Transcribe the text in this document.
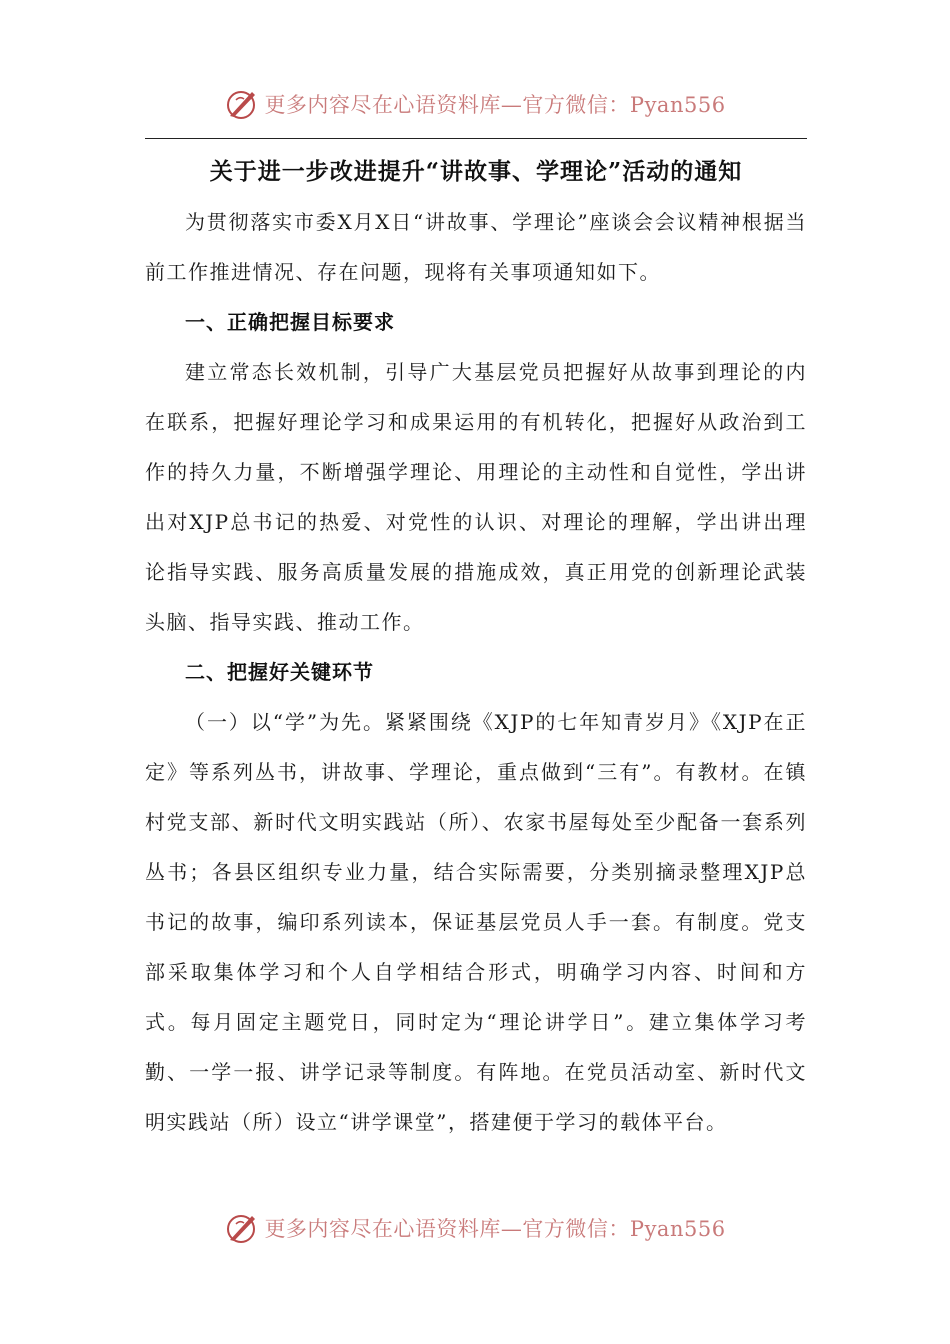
更多内容尽在心语资料库—官方微信：Pyan556
关于进一步改进提升“讲故事、学理论”活动的通知

为贯彻落实市委X月X日“讲故事、学理论”座谈会会议精神根据当前工作推进情况、存在问题，现将有关事项通知如下。

一、正确把握目标要求

建立常态长效机制，引导广大基层党员把握好从故事到理论的内在联系，把握好理论学习和成果运用的有机转化，把握好从政治到工作的持久力量，不断增强学理论、用理论的主动性和自觉性，学出讲出对XJP总书记的热爱、对党性的认识、对理论的理解，学出讲出理论指导实践、服务高质量发展的措施成效，真正用党的创新理论武装头脑、指导实践、推动工作。

二、把握好关键环节

（一）以“学”为先。紧紧围绕《XJP的七年知青岁月》《XJP在正定》等系列丛书，讲故事、学理论，重点做到“三有”。有教材。在镇村党支部、新时代文明实践站（所）、农家书屋每处至少配备一套系列丛书；各县区组织专业力量，结合实际需要，分类别摘录整理XJP总书记的故事，编印系列读本，保证基层党员人手一套。有制度。党支部采取集体学习和个人自学相结合形式，明确学习内容、时间和方式。每月固定主题党日，同时定为“理论讲学日”。建立集体学习考勤、一学一报、讲学记录等制度。有阵地。在党员活动室、新时代文明实践站（所）设立“讲学课堂”，搭建便于学习的载体平台。

更多内容尽在心语资料库—官方微信：Pyan556
